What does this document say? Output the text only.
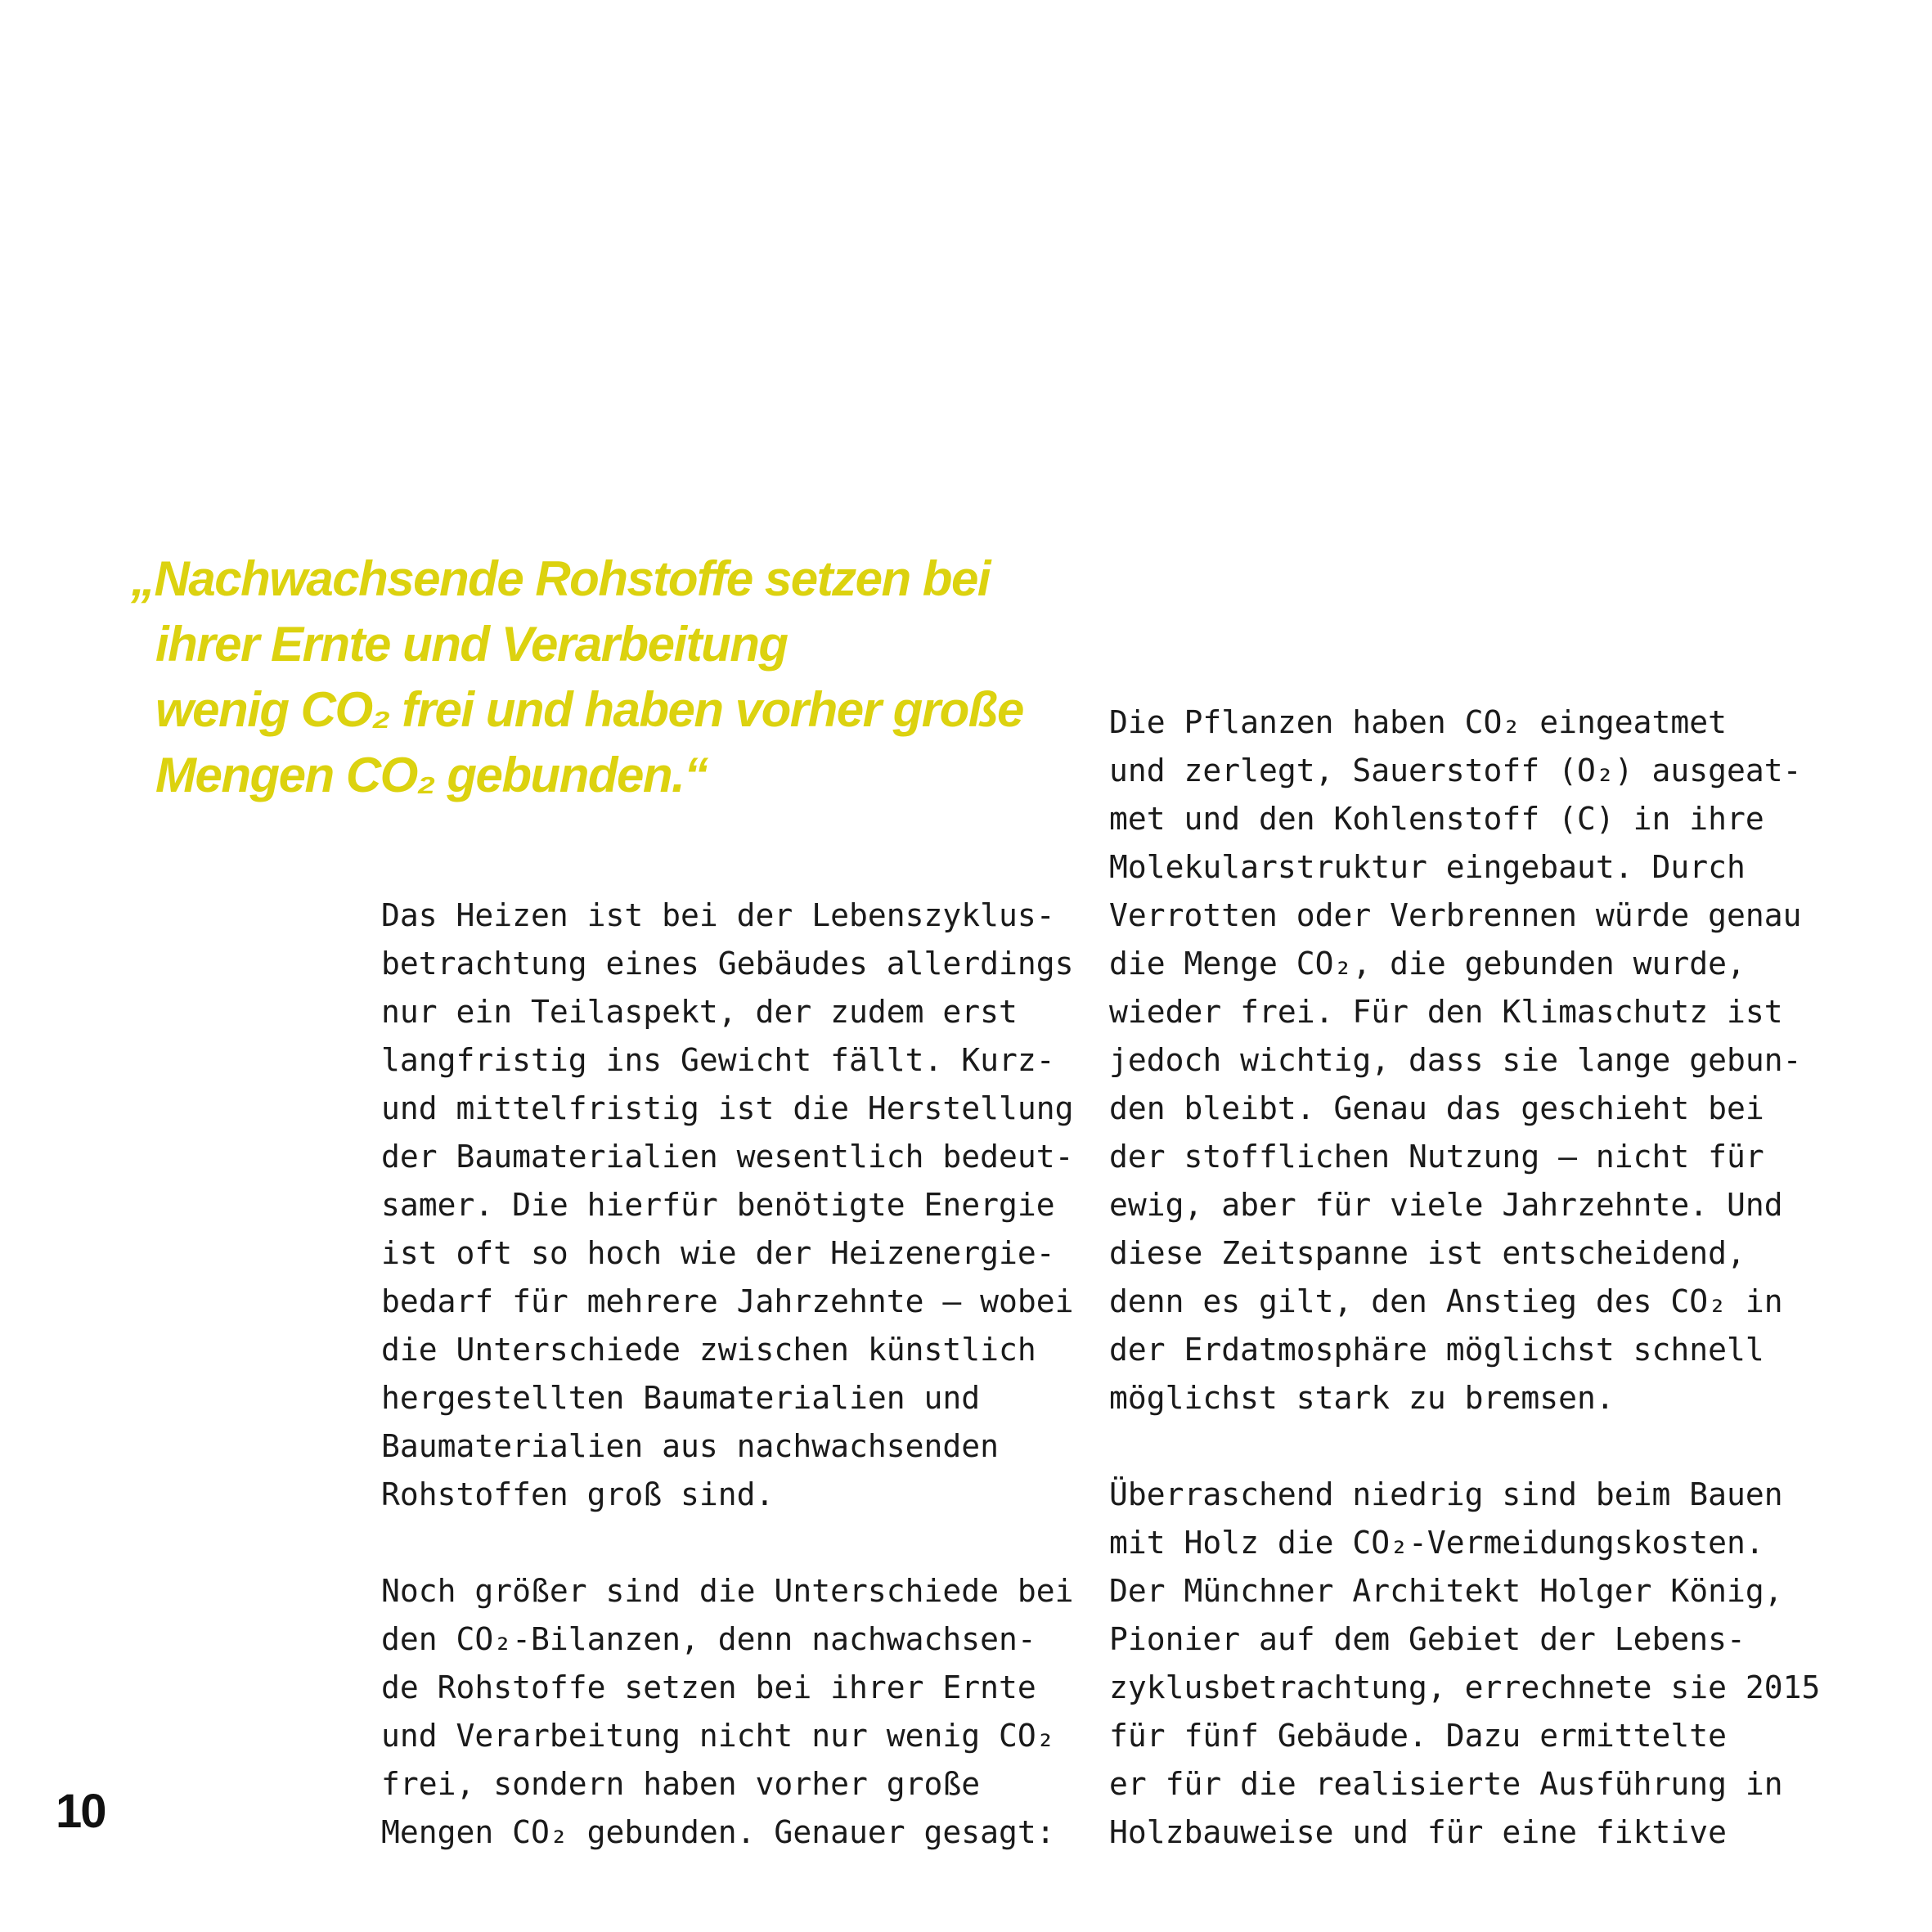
„Nachwachsende Rohstoffe setzen bei
ihrer Ernte und Verarbeitung
wenig CO₂ frei und haben vorher große
Mengen CO₂ gebunden.“

Das Heizen ist bei der Lebenszyklus-
betrachtung eines Gebäudes allerdings
nur ein Teilaspekt, der zudem erst
langfristig ins Gewicht fällt. Kurz-
und mittelfristig ist die Herstellung
der Baumaterialien wesentlich bedeut-
samer. Die hierfür benötigte Energie
ist oft so hoch wie der Heizenergie-
bedarf für mehrere Jahrzehnte – wobei
die Unterschiede zwischen künstlich
hergestellten Baumaterialien und
Baumaterialien aus nachwachsenden
Rohstoffen groß sind.

Noch größer sind die Unterschiede bei
den CO₂-Bilanzen, denn nachwachsen-
de Rohstoffe setzen bei ihrer Ernte
und Verarbeitung nicht nur wenig CO₂
frei, sondern haben vorher große
Mengen CO₂ gebunden. Genauer gesagt:

Die Pflanzen haben CO₂ eingeatmet
und zerlegt, Sauerstoff (O₂) ausgeat-
met und den Kohlenstoff (C) in ihre
Molekularstruktur eingebaut. Durch
Verrotten oder Verbrennen würde genau
die Menge CO₂, die gebunden wurde,
wieder frei. Für den Klimaschutz ist
jedoch wichtig, dass sie lange gebun-
den bleibt. Genau das geschieht bei
der stofflichen Nutzung – nicht für
ewig, aber für viele Jahrzehnte. Und
diese Zeitspanne ist entscheidend,
denn es gilt, den Anstieg des CO₂ in
der Erdatmosphäre möglichst schnell
möglichst stark zu bremsen.

Überraschend niedrig sind beim Bauen
mit Holz die CO₂-Vermeidungskosten.
Der Münchner Architekt Holger König,
Pionier auf dem Gebiet der Lebens-
zyklusbetrachtung, errechnete sie 2015
für fünf Gebäude. Dazu ermittelte
er für die realisierte Ausführung in
Holzbauweise und für eine fiktive

10
